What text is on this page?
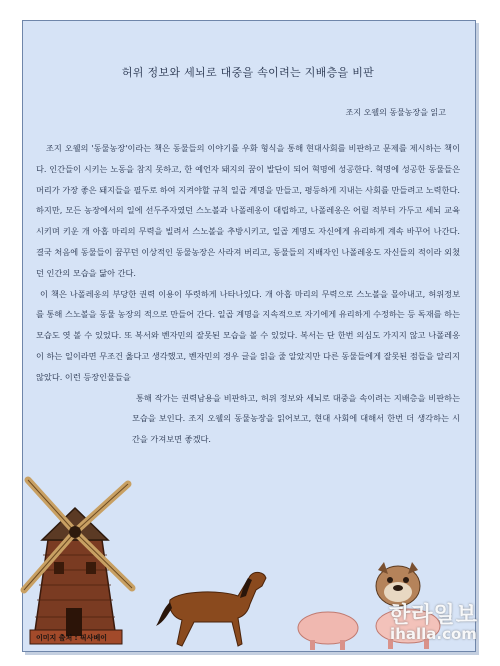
허위 정보와 세뇌로 대중을 속이려는 지배층을 비판
조지 오웰의 동물농장을 읽고

조지 오웰의 '동물농장'이라는 책은 동물들의 이야기를 우화 형식을 통해 현대사회를 비판하고 문제를 제시하는 책이다. 인간들이 시키는 노동을 참지 못하고, 한 예언자 돼지의 꿈이 발단이 되어 혁명에 성공한다. 혁명에 성공한 동물들은 머리가 가장 좋은 돼지들을 필두로 하여 지켜야할 규칙 일곱 계명을 만들고, 평등하게 지내는 사회를 만들려고 노력한다. 하지만, 모든 농장에서의 일에 선두주자였던 스노볼과 나폴레옹이 대립하고, 나폴레옹은 어릴 적부터 가두고 세뇌 교육 시키며 키운 개 아홉 마리의 무력을 빌려서 스노볼을 추방시키고, 일곱 계명도 자신에게 유리하게 계속 바꾸어 나간다. 결국 처음에 동물들이 꿈꾸던 이상적인 동물농장은 사라져 버리고, 동물들의 지배자인 나폴레옹도 자신들의 적이라 외쳤던 인간의 모습을 닮아 간다.

이 책은 나폴레옹의 부당한 권력 이용이 뚜렷하게 나타나있다. 개 아홉 마리의 무력으로 스노볼을 몰아내고, 허위정보를 통해 스노볼을 동물 농장의 적으로 만들어 간다. 일곱 계명을 지속적으로 자기에게 유리하게 수정하는 등 독재를 하는 모습도 엿 볼 수 있었다. 또 복서와 벤자민의 잘못된 모습을 볼 수 있었다. 복서는 단 한번 의심도 가지지 않고 나폴레옹이 하는 일이라면 무조건 옳다고 생각했고, 벤자민의 경우 글을 읽을 줄 알았지만 다른 동물들에게 잘못된 점들을 알리지 않았다. 이런 등장인물들을
통해 작가는 권력남용을 비판하고, 허위 정보와 세뇌로 대중을 속이려는 지배층을 비판하는 모습을 보인다. 조지 오웰의 동물농장을 읽어보고, 현대 사회에 대해서 한번 더 생각하는 시간을 가져보면 좋겠다.

한라일보
ihalla.com
이미지 출처 : 픽사베이
